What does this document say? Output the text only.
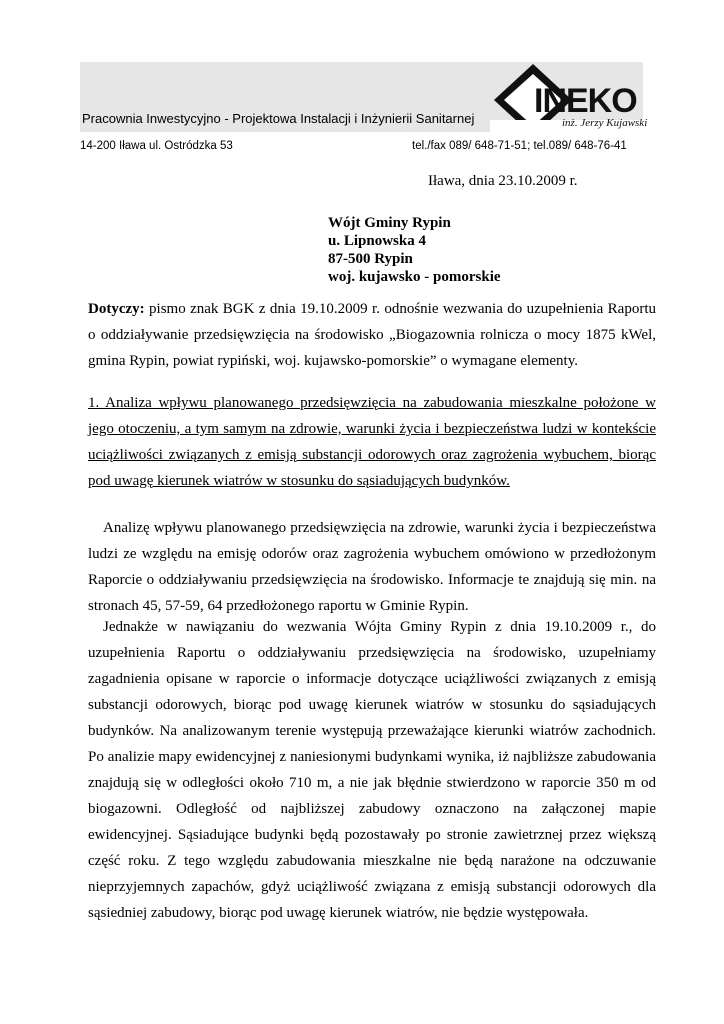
Pracownia Inwestycyjno - Projektowa Instalacji i Inżynierii Sanitarnej INEKO
inż. Jerzy Kujawski
14-200 Iława ul. Ostródzka 53	tel./fax 089/ 648-71-51; tel.089/ 648-76-41
Iława, dnia 23.10.2009 r.
Wójt Gminy Rypin
u. Lipnowska 4
87-500 Rypin
woj. kujawsko - pomorskie
Dotyczy: pismo znak BGK z dnia 19.10.2009 r. odnośnie wezwania do uzupełnienia Raportu o oddziaływanie przedsięwzięcia na środowisko „Biogazownia rolnicza o mocy 1875 kWel, gmina Rypin, powiat rypiński, woj. kujawsko-pomorskie” o wymagane elementy.
1. Analiza wpływu planowanego przedsięwzięcia na zabudowania mieszkalne położone w jego otoczeniu, a tym samym na zdrowie, warunki życia i bezpieczeństwa ludzi w kontekście uciążliwości związanych z emisją substancji odorowych oraz zagrożenia wybuchem, biorąc pod uwagę kierunek wiatrów w stosunku do sąsiadujących budynków.
Analizę wpływu planowanego przedsięwzięcia na zdrowie, warunki życia i bezpieczeństwa ludzi ze względu na emisję odorów oraz zagrożenia wybuchem omówiono w przedłożonym Raporcie o oddziaływaniu przedsięwzięcia na środowisko. Informacje te znajdują się min. na stronach 45, 57-59, 64 przedłożonego raportu w Gminie Rypin.
Jednakże w nawiązaniu do wezwania Wójta Gminy Rypin z dnia 19.10.2009 r., do uzupełnienia Raportu o oddziaływaniu przedsięwzięcia na środowisko, uzupełniamy zagadnienia opisane w raporcie o informacje dotyczące uciążliwości związanych z emisją substancji odorowych, biorąc pod uwagę kierunek wiatrów w stosunku do sąsiadujących budynków. Na analizowanym terenie występują przeważające kierunki wiatrów zachodnich. Po analizie mapy ewidencyjnej z naniesionymi budynkami wynika, iż najbliższe zabudowania znajdują się w odległości około 710 m, a nie jak błędnie stwierdzono w raporcie 350 m od biogazowni. Odległość od najbliższej zabudowy oznaczono na załączonej mapie ewidencyjnej. Sąsiadujące budynki będą pozostawały po stronie zawietrznej przez większą część roku. Z tego względu zabudowania mieszkalne nie będą narażone na odczuwanie nieprzyjemnych zapachów, gdyż uciążliwość związana z emisją substancji odorowych dla sąsiedniej zabudowy, biorąc pod uwagę kierunek wiatrów, nie będzie występowała.
